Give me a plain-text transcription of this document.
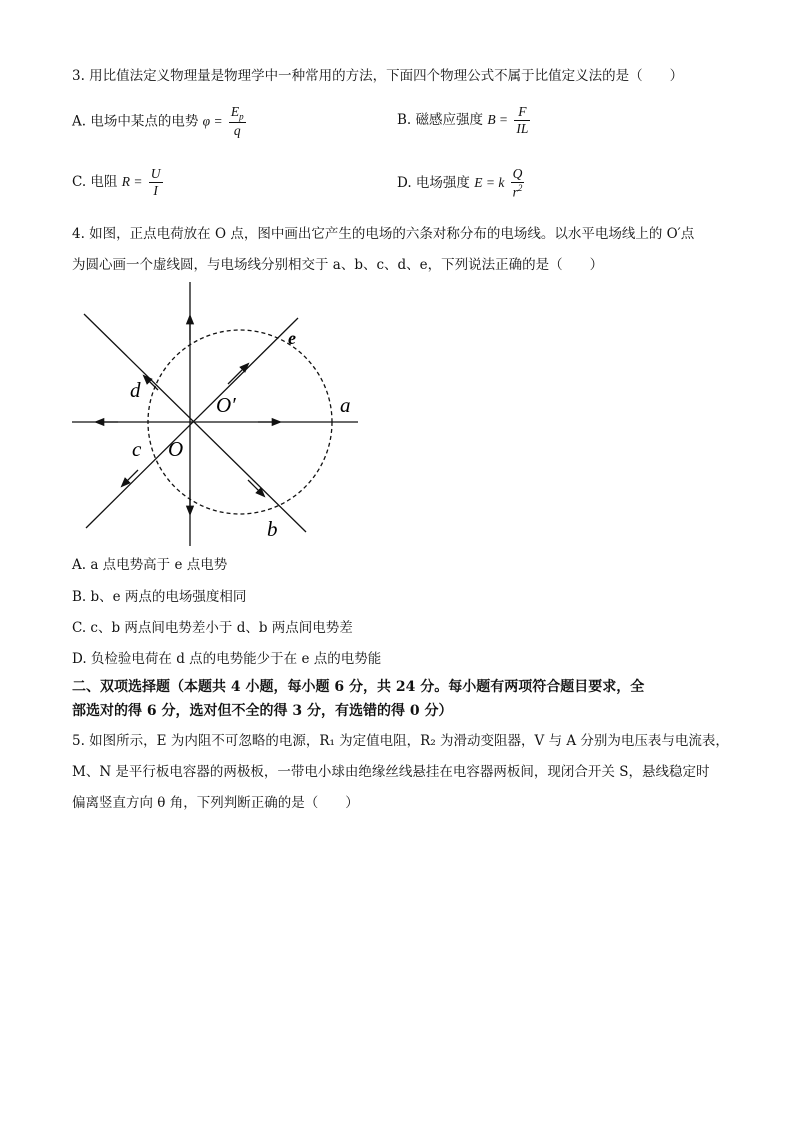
3. 用比值法定义物理量是物理学中一种常用的方法，下面四个物理公式不属于比值定义法的是（　　）
A. 电场中某点的电势 $\varphi = \frac{E_p}{q}$	B. 磁感应强度 $B = \frac{F}{IL}$
C. 电阻 $R = \frac{U}{I}$	D. 电场强度 E = k $\frac{Q}{r^2}$
4. 如图，正点电荷放在 O 点，图中画出它产生的电场的六条对称分布的电场线。以水平电场线上的 O′点
为圆心画一个虚线圆，与电场线分别相交于 a、b、c、d、e，下列说法正确的是（　　）
a
b
c
d
e
O
O′
A. a 点电势高于 e 点电势
B. b、e 两点的电场强度相同
C. c、b 两点间电势差小于 d、b 两点间电势差
D. 负检验电荷在 d 点的电势能少于在 e 点的电势能
二、双项选择题（本题共 4 小题，每小题 6 分，共 24 分。每小题有两项符合题目要求，全
部选对的得 6 分，选对但不全的得 3 分，有选错的得 0 分）
5. 如图所示，E 为内阻不可忽略的电源，R₁ 为定值电阻，R₂ 为滑动变阻器，V 与 A 分别为电压表与电流表，
M、N 是平行板电容器的两极板，一带电小球由绝缘丝线悬挂在电容器两板间，现闭合开关 S，悬线稳定时
偏离竖直方向 θ 角，下列判断正确的是（　　）
